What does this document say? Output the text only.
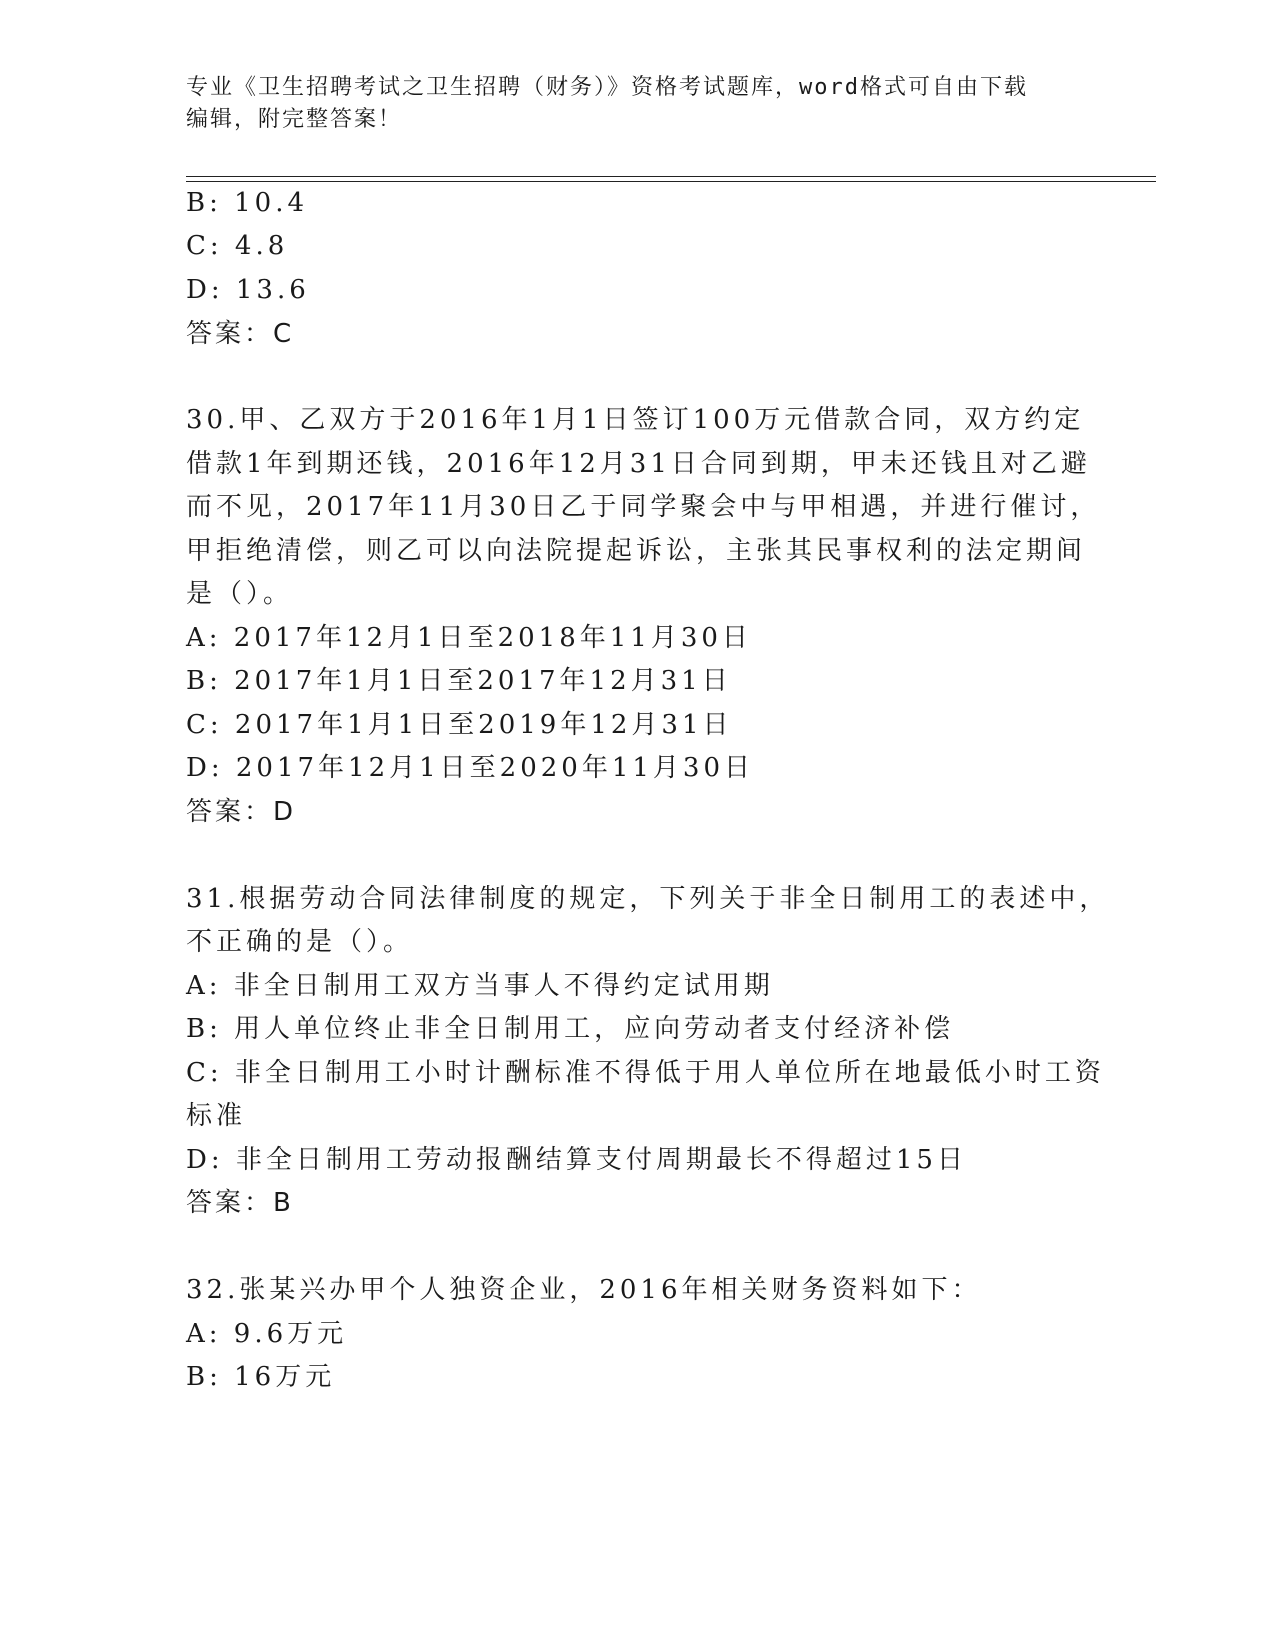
专业《卫生招聘考试之卫生招聘（财务）》资格考试题库，word格式可自由下载
编辑，附完整答案！
B: 10.4
C: 4.8
D: 13.6
答案：C
30.甲、乙双方于2016年1月1日签订100万元借款合同，双方约定
借款1年到期还钱，2016年12月31日合同到期，甲未还钱且对乙避
而不见，2017年11月30日乙于同学聚会中与甲相遇，并进行催讨，
甲拒绝清偿，则乙可以向法院提起诉讼，主张其民事权利的法定期间
是（）。
A: 2017年12月1日至2018年11月30日
B: 2017年1月1日至2017年12月31日
C: 2017年1月1日至2019年12月31日
D: 2017年12月1日至2020年11月30日
答案：D
31.根据劳动合同法律制度的规定，下列关于非全日制用工的表述中，
不正确的是（）。
A: 非全日制用工双方当事人不得约定试用期
B: 用人单位终止非全日制用工，应向劳动者支付经济补偿
C: 非全日制用工小时计酬标准不得低于用人单位所在地最低小时工资
标准
D: 非全日制用工劳动报酬结算支付周期最长不得超过15日
答案：B
32.张某兴办甲个人独资企业，2016年相关财务资料如下：
A: 9.6万元
B: 16万元
